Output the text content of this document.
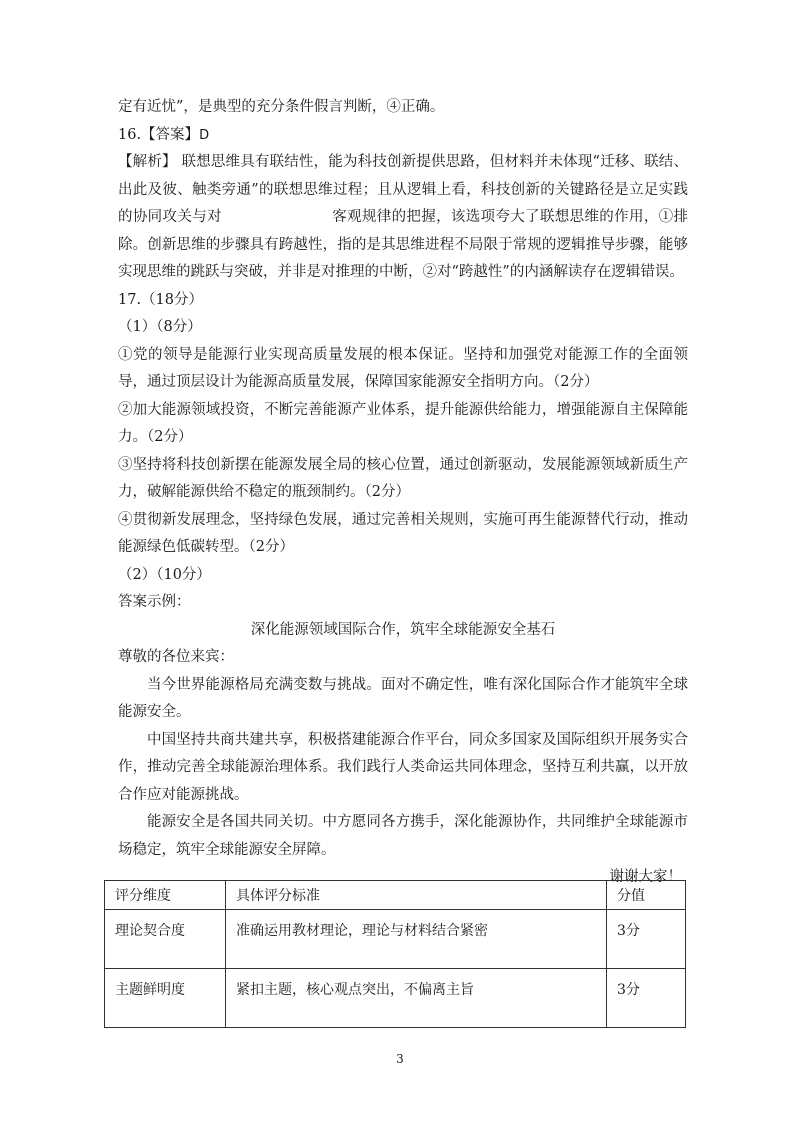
定有近忧”，是典型的充分条件假言判断，④正确。

16.【答案】D

【解析】 联想思维具有联结性，能为科技创新提供思路，但材料并未体现“迁移、联结、出此及彼、触类旁通”的联想思维过程；且从逻辑上看，科技创新的关键路径是立足实践的协同攻关与对	客观规律的把握，该选项夸大了联想思维的作用，①排除。创新思维的步骤具有跨越性，指的是其思维进程不局限于常规的逻辑推导步骤，能够实现思维的跳跃与突破，并非是对推理的中断，②对“跨越性”的内涵解读存在逻辑错误。

17.（18分）

（1）（8分）

①党的领导是能源行业实现高质量发展的根本保证。坚持和加强党对能源工作的全面领导，通过顶层设计为能源高质量发展，保障国家能源安全指明方向。（2分）

②加大能源领域投资，不断完善能源产业体系，提升能源供给能力，增强能源自主保障能力。（2分）

③坚持将科技创新摆在能源发展全局的核心位置，通过创新驱动，发展能源领域新质生产力，破解能源供给不稳定的瓶颈制约。（2分）

④贯彻新发展理念，坚持绿色发展，通过完善相关规则，实施可再生能源替代行动，推动能源绿色低碳转型。（2分）

（2）（10分）

答案示例：

深化能源领域国际合作，筑牢全球能源安全基石

尊敬的各位来宾：

当今世界能源格局充满变数与挑战。面对不确定性，唯有深化国际合作才能筑牢全球能源安全。

中国坚持共商共建共享，积极搭建能源合作平台，同众多国家及国际组织开展务实合作，推动完善全球能源治理体系。我们践行人类命运共同体理念，坚持互利共赢，以开放合作应对能源挑战。

能源安全是各国共同关切。中方愿同各方携手，深化能源协作，共同维护全球能源市场稳定，筑牢全球能源安全屏障。

谢谢大家！

评分维度	具体评分标准	分值
理论契合度	准确运用教材理论，理论与材料结合紧密	3分
主题鲜明度	紧扣主题，核心观点突出，不偏离主旨	3分
3
